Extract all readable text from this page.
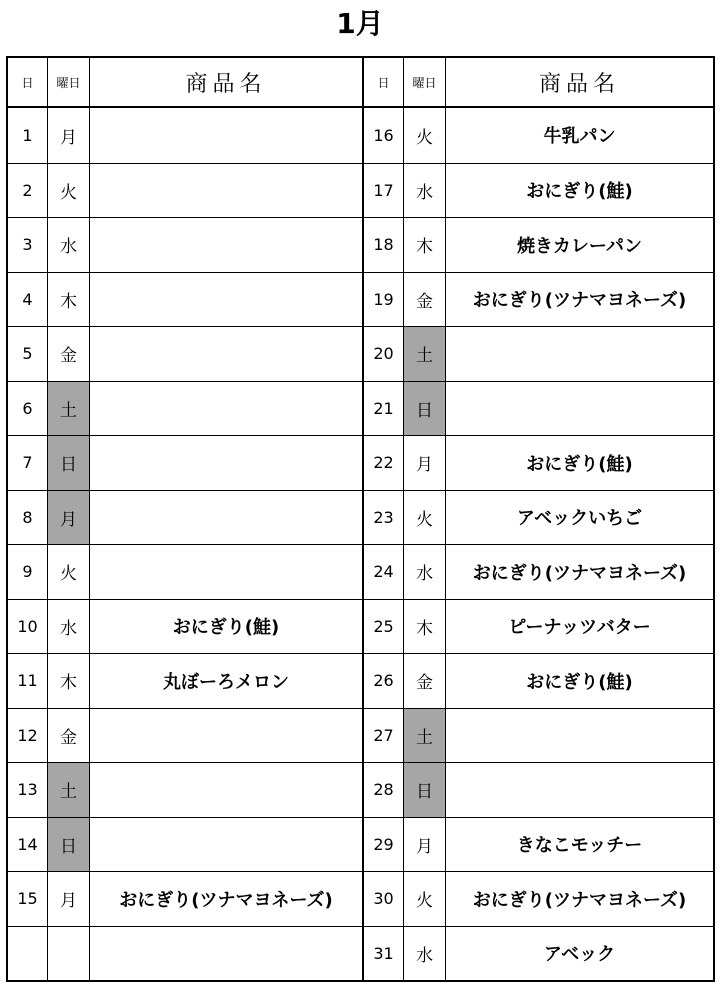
1月
日	曜日	商品名
1	月
2	火
3	水
4	木
5	金
6	土
7	日
8	月
9	火
10	水	おにぎり(鮭)
11	木	丸ぼーろメロン
12	金
13	土
14	日
15	月	おにぎり(ツナマヨネーズ)
日	曜日	商品名
16	火	牛乳パン
17	水	おにぎり(鮭)
18	木	焼きカレーパン
19	金	おにぎり(ツナマヨネーズ)
20	土
21	日
22	月	おにぎり(鮭)
23	火	アベックいちご
24	水	おにぎり(ツナマヨネーズ)
25	木	ピーナッツバター
26	金	おにぎり(鮭)
27	土
28	日
29	月	きなこモッチー
30	火	おにぎり(ツナマヨネーズ)
31	水	アベック
